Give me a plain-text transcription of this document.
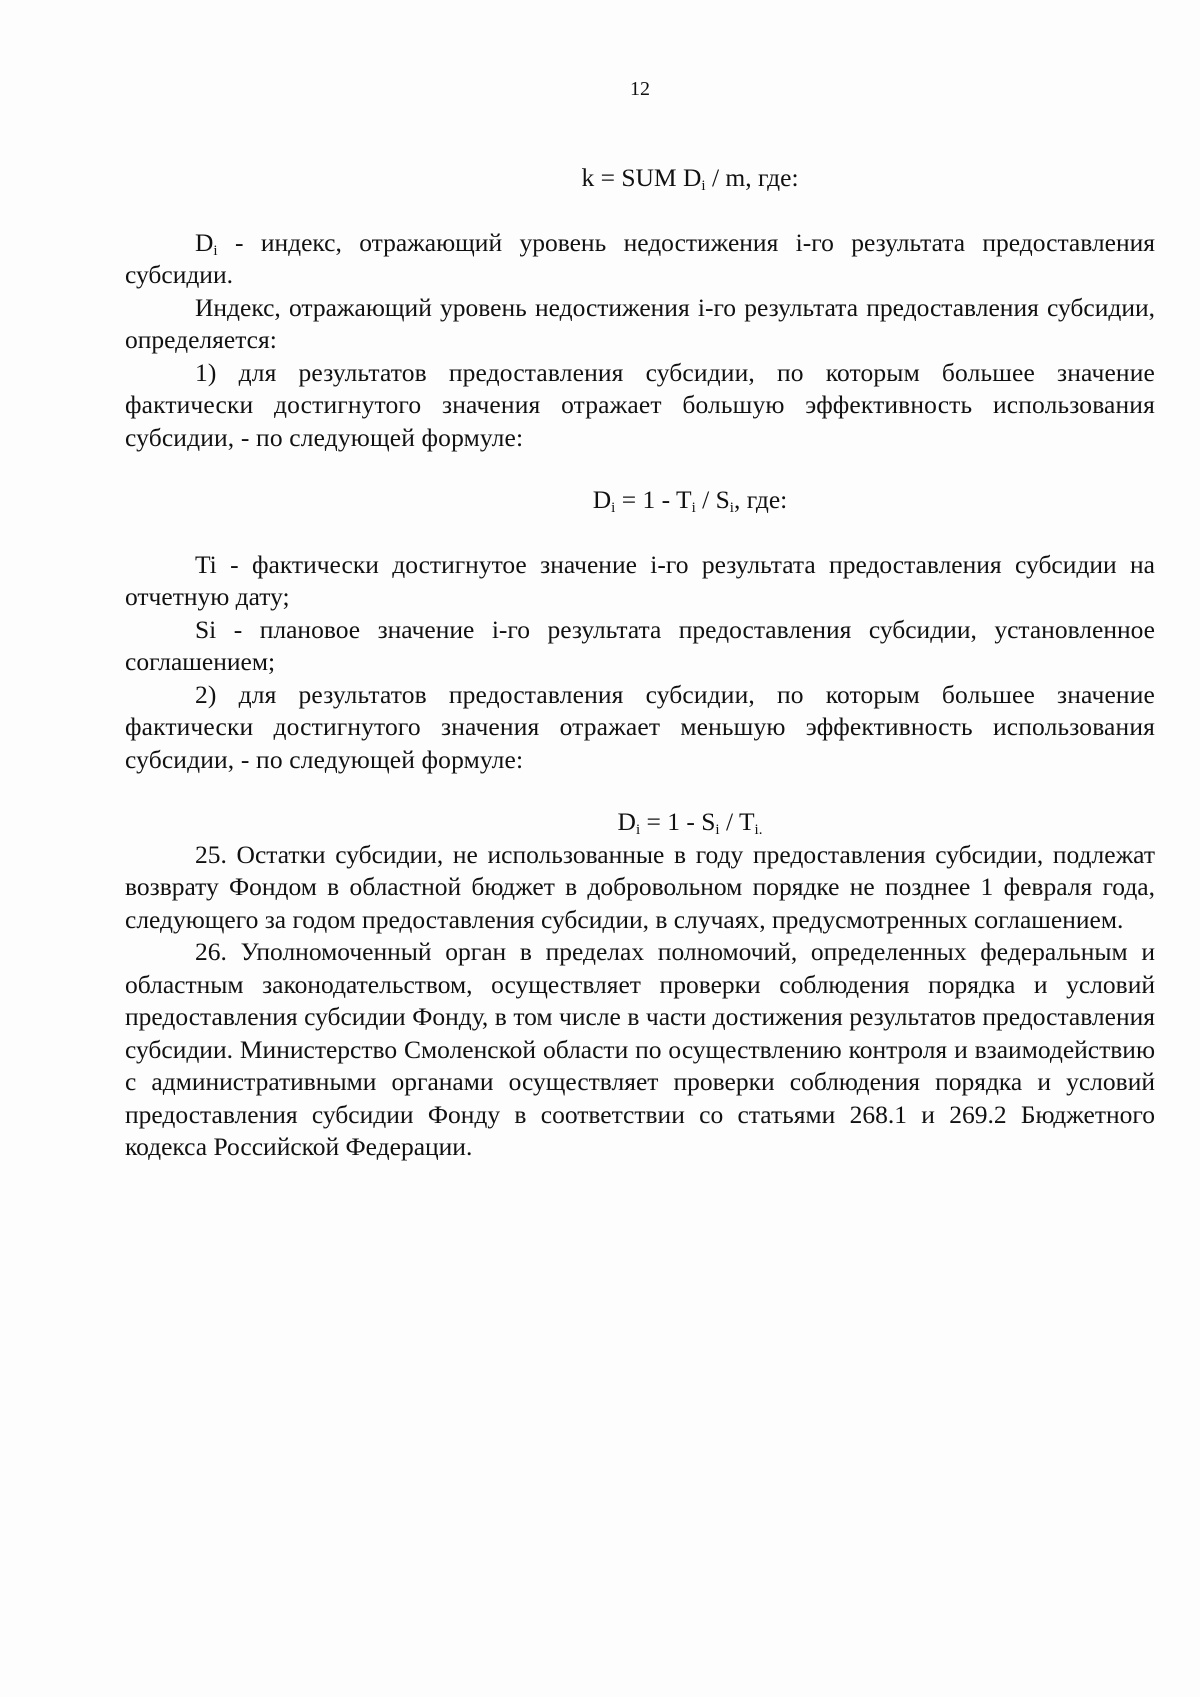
12
k = SUM $D_i$ / m, где:

$D_i$ - индекс, отражающий уровень недостижения i-го результата предоставления субсидии.

Индекс, отражающий уровень недостижения i-го результата предоставления субсидии, определяется:

1) для результатов предоставления субсидии, по которым большее значение фактически достигнутого значения отражает большую эффективность использования субсидии, - по следующей формуле:

$D_i = 1 - T_i / S_i$, где:

Ti - фактически достигнутое значение i-го результата предоставления субсидии на отчетную дату;

Si - плановое значение i-го результата предоставления субсидии, установленное соглашением;

2) для результатов предоставления субсидии, по которым большее значение фактически достигнутого значения отражает меньшую эффективность использования субсидии, - по следующей формуле:

$D_i = 1 - S_i / T_{i.}$

25. Остатки субсидии, не использованные в году предоставления субсидии, подлежат возврату Фондом в областной бюджет в добровольном порядке не позднее 1 февраля года, следующего за годом предоставления субсидии, в случаях, предусмотренных соглашением.

26. Уполномоченный орган в пределах полномочий, определенных федеральным и областным законодательством, осуществляет проверки соблюдения порядка и условий предоставления субсидии Фонду, в том числе в части достижения результатов предоставления субсидии. Министерство Смоленской области по осуществлению контроля и взаимодействию с административными органами осуществляет проверки соблюдения порядка и условий предоставления субсидии Фонду в соответствии со статьями 268.1 и 269.2 Бюджетного кодекса Российской Федерации.
